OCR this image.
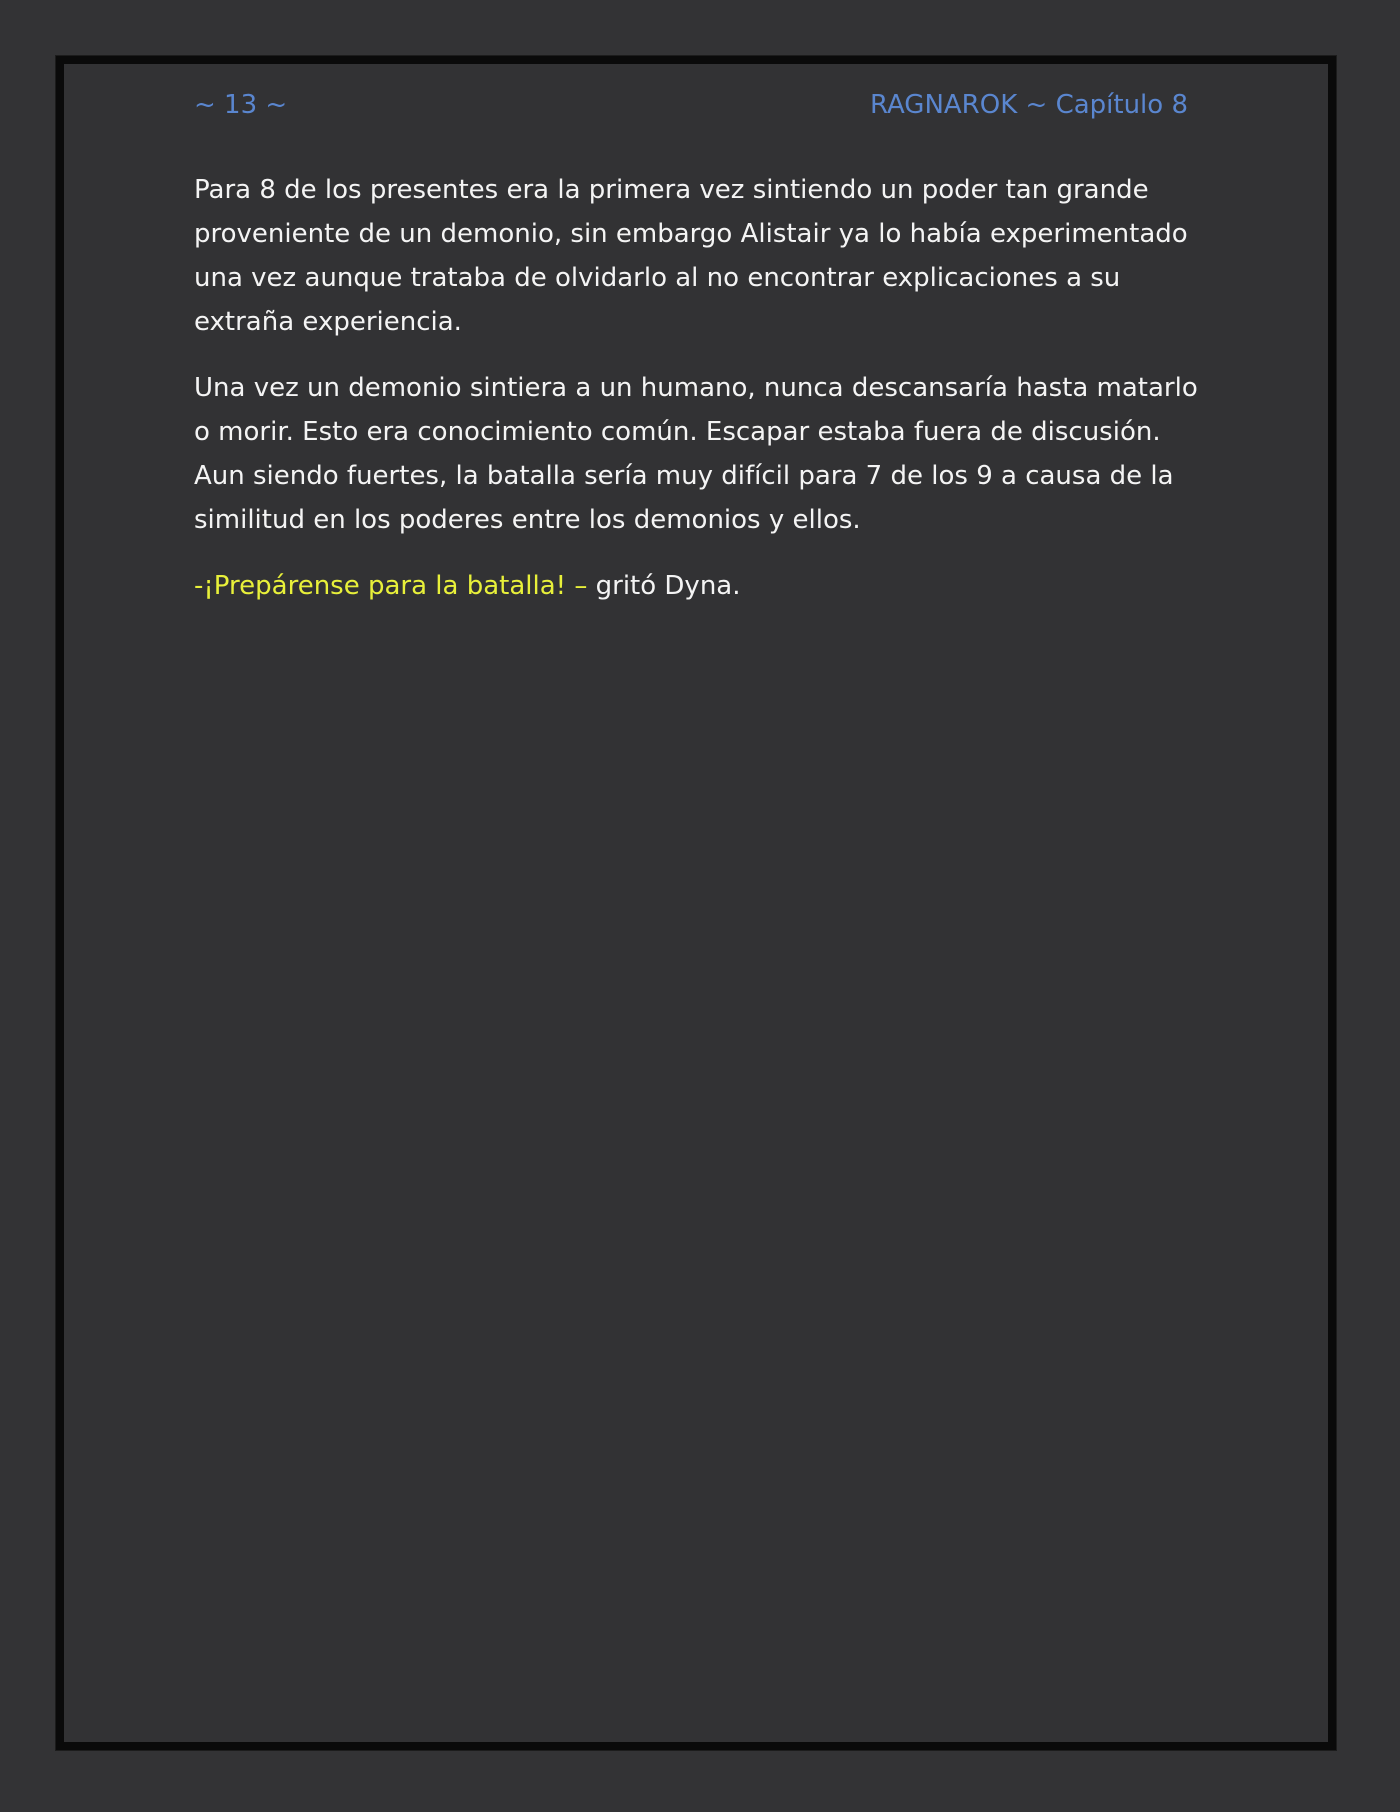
~ 13 ~	RAGNAROK ~ Capítulo 8

Para 8 de los presentes era la primera vez sintiendo un poder tan grande proveniente de un demonio, sin embargo Alistair ya lo había experimentado una vez aunque trataba de olvidarlo al no encontrar explicaciones a su extraña experiencia.

Una vez un demonio sintiera a un humano, nunca descansaría hasta matarlo o morir. Esto era conocimiento común. Escapar estaba fuera de discusión. Aun siendo fuertes, la batalla sería muy difícil para 7 de los 9 a causa de la similitud en los poderes entre los demonios y ellos.

-¡Prepárense para la batalla! – gritó Dyna.
